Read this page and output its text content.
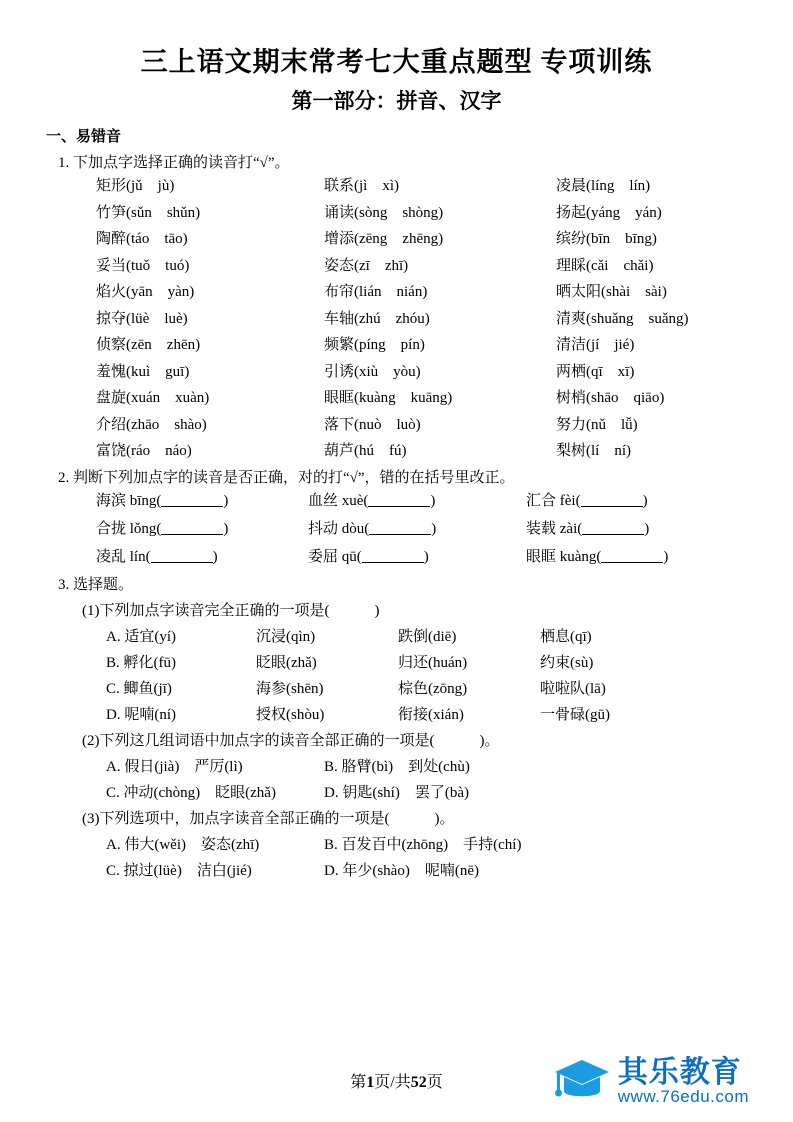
三上语文期末常考七大重点题型 专项训练
第一部分：拼音、汉字
一、易错音
1. 下加点字选择正确的读音打“√”。
矩形(jǔ　jù)	联系(jì　xì)	凌晨(líng　lín)
竹笋(sǔn　shǔn)	诵读(sòng　shòng)	扬起(yáng　yán)
陶醉(táo　tāo)	增添(zēng　zhēng)	缤纷(bīn　bīng)
妥当(tuǒ　tuó)	姿态(zī　zhī)	理睬(cǎi　chǎi)
焰火(yān　yàn)	布帘(lián　nián)	晒太阳(shài　sài)
掠夺(lüè　luè)	车轴(zhú　zhóu)	清爽(shuǎng　suǎng)
侦察(zēn　zhēn)	频繁(píng　pín)	清洁(jí　jié)
羞愧(kuì　guī)	引诱(xiù　yòu)	两栖(qī　xī)
盘旋(xuán　xuàn)	眼眶(kuàng　kuāng)	树梢(shāo　qiāo)
介绍(zhāo　shào)	落下(nuò　luò)	努力(nǔ　lǚ)
富饶(ráo　náo)	葫芦(hú　fú)	梨树(lí　ní)
2. 判断下列加点字的读音是否正确，对的打“√”，错的在括号里改正。
海滨 bīng(	)	血丝 xuè(	)	汇合 fèi(	)
合拢 lǒng(	)	抖动 dòu(	)	装载 zài(	)
凌乱 lín(	)	委屈 qū(	)	眼眶 kuàng(	)
3. 选择题。
(1)下列加点字读音完全正确的一项是(　　　)
A. 适宜(yí)	沉浸(qìn)	跌倒(diē)	栖息(qī)
B. 孵化(fū)	眨眼(zhǎ)	归还(huán)	约束(sù)
C. 鲫鱼(jī)	海参(shēn)	棕色(zōng)	啦啦队(lā)
D. 呢喃(ní)	授权(shòu)	衔接(xián)	一骨碌(gū)
(2)下列这几组词语中加点字的读音全部正确的一项是(　　　)。
A. 假日(jià)　严厉(lì)	B. 胳臂(bì)　到处(chù)
C. 冲动(chòng)　眨眼(zhǎ)	D. 钥匙(shí)　罢了(bà)
(3)下列选项中，加点字读音全部正确的一项是(　　　)。
A. 伟大(wěi)　姿态(zhī)	B. 百发百中(zhōng)　手持(chí)
C. 掠过(lüè)　洁白(jié)	D. 年少(shào)　呢喃(nē)
第1页/共52页	其乐教育
www.76edu.com
